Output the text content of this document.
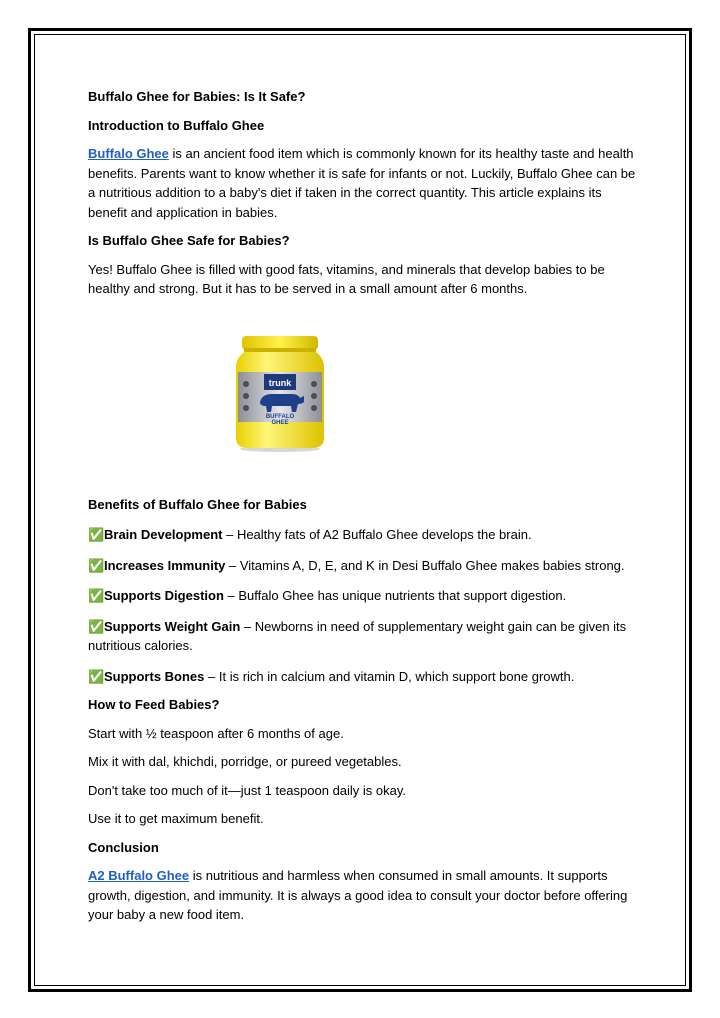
Buffalo Ghee for Babies: Is It Safe?

Introduction to Buffalo Ghee

Buffalo Ghee is an ancient food item which is commonly known for its healthy taste and health benefits. Parents want to know whether it is safe for infants or not. Luckily, Buffalo Ghee can be a nutritious addition to a baby's diet if taken in the correct quantity. This article explains its benefit and application in babies.

Is Buffalo Ghee Safe for Babies?

Yes! Buffalo Ghee is filled with good fats, vitamins, and minerals that develop babies to be healthy and strong. But it has to be served in a small amount after 6 months.

Benefits of Buffalo Ghee for Babies

✅Brain Development – Healthy fats of A2 Buffalo Ghee develops the brain.

✅Increases Immunity – Vitamins A, D, E, and K in Desi Buffalo Ghee makes babies strong.

✅Supports Digestion – Buffalo Ghee has unique nutrients that support digestion.

✅Supports Weight Gain – Newborns in need of supplementary weight gain can be given its nutritious calories.

✅Supports Bones – It is rich in calcium and vitamin D, which support bone growth.

How to Feed Babies?

Start with ½ teaspoon after 6 months of age.

Mix it with dal, khichdi, porridge, or pureed vegetables.

Don't take too much of it—just 1 teaspoon daily is okay.

Use it to get maximum benefit.

Conclusion

A2 Buffalo Ghee is nutritious and harmless when consumed in small amounts. It supports growth, digestion, and immunity. It is always a good idea to consult your doctor before offering your baby a new food item.

trunk
BUFFALO
GHEE
